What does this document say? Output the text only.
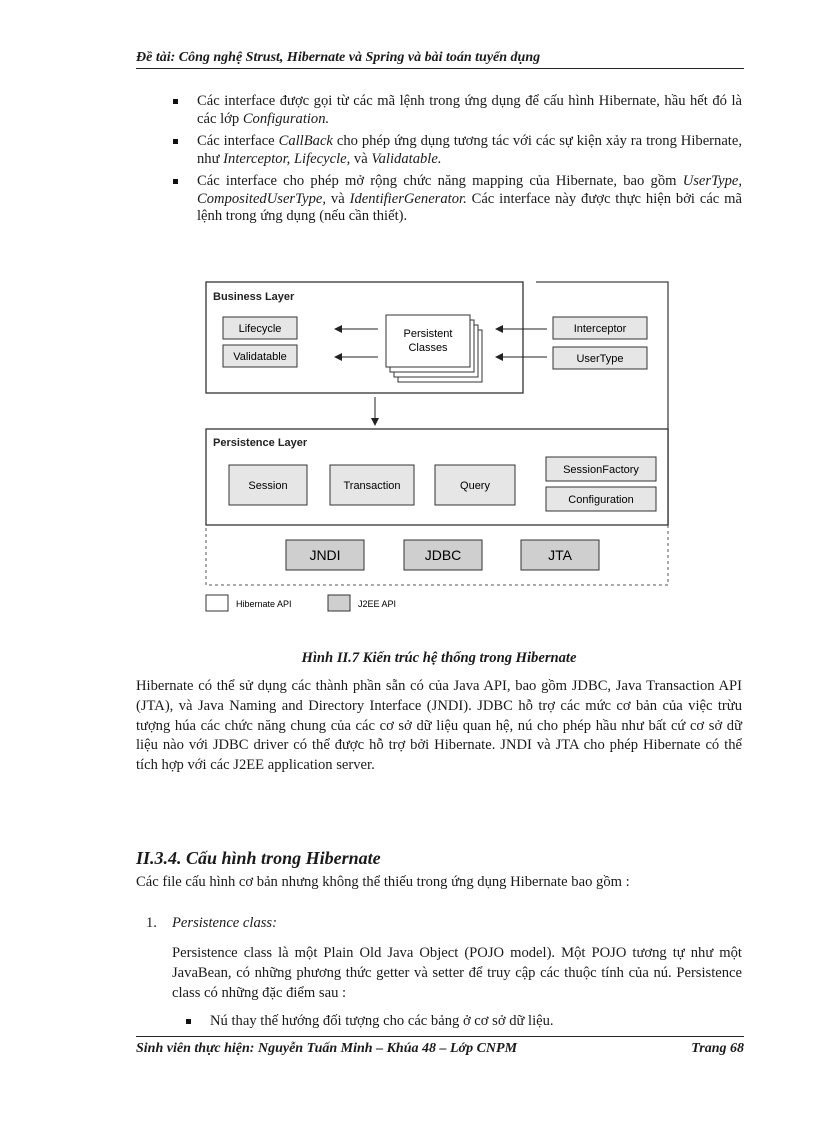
Đề tài: Công nghệ Strust, Hibernate và Spring và bài toán tuyển dụng
Các interface được gọi từ các mã lệnh trong ứng dụng để cấu hình Hibernate, hầu hết đó là các lớp Configuration.
Các interface CallBack cho phép ứng dụng tương tác với các sự kiện xảy ra trong Hibernate, như Interceptor, Lifecycle, và Validatable.
Các interface cho phép mở rộng chức năng mapping của Hibernate, bao gồm UserType, CompositedUserType, và IdentifierGenerator. Các interface này được thực hiện bởi các mã lệnh trong ứng dụng (nếu cần thiết).
Business Layer
Lifecycle
Validatable
Persistent
Classes
Interceptor
UserType
Persistence Layer
Session	Transaction	Query
SessionFactory
Configuration
JNDI	JDBC	JTA
Hibernate API	J2EE API
Hình II.7 Kiến trúc hệ thống trong Hibernate
Hibernate có thể sử dụng các thành phần sẵn có của Java API, bao gồm JDBC, Java Transaction API (JTA), và Java Naming and Directory Interface (JNDI). JDBC hỗ trợ các mức cơ bản của việc trừu tượng húa các chức năng chung của các cơ sở dữ liệu quan hệ, nú cho phép hầu như bất cứ cơ sở dữ liệu nào với JDBC driver có thể được hỗ trợ bởi Hibernate. JNDI và JTA cho phép Hibernate có thể tích hợp với các J2EE application server.
II.3.4. Cấu hình trong Hibernate
Các file cấu hình cơ bản nhưng không thể thiếu trong ứng dụng Hibernate bao gồm :
1. Persistence class:
Persistence class là một Plain Old Java Object (POJO model). Một POJO tương tự như một JavaBean, có những phương thức getter và setter để truy cập các thuộc tính của nú. Persistence class có những đặc điểm sau :
Nú thay thế hướng đối tượng cho các bảng ở cơ sở dữ liệu.
Sinh viên thực hiện: Nguyễn Tuấn Minh – Khúa 48 – Lớp CNPM	Trang 68
